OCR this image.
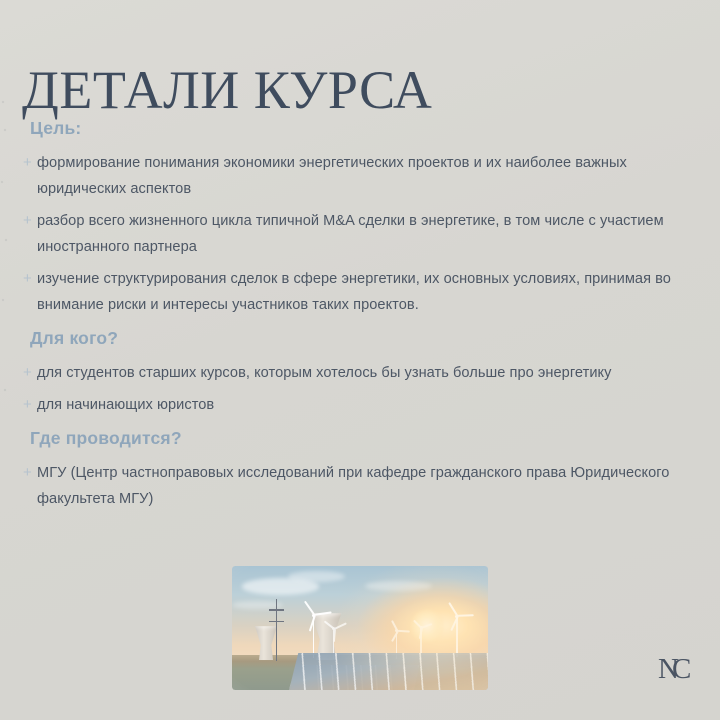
ДЕТАЛИ КУРСА
Цель:
+ формирование понимания экономики энергетических проектов и их наиболее важных юридических аспектов
+ разбор всего жизненного цикла типичной M&A сделки в энергетике, в том числе с участием иностранного партнера
+ изучение структурирования сделок в сфере энергетики, их основных условиях, принимая во внимание риски и интересы участников таких проектов.
Для кого?
+ для студентов старших курсов, которым хотелось бы узнать больше про энергетику
+ для начинающих юристов
Где проводится?
+ МГУ (Центр частноправовых исследований при кафедре гражданского права Юридического факультета МГУ)
NC
